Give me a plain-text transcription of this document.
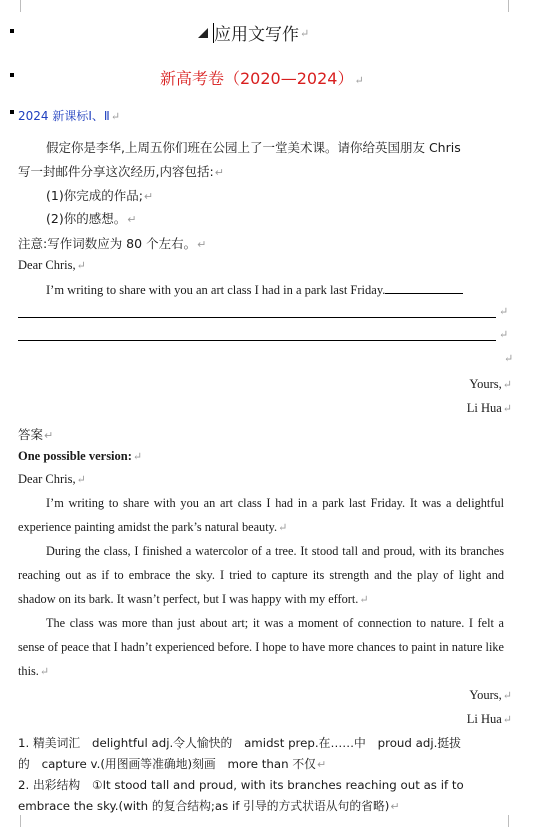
应用文写作↵
新高考卷（2020—2024）↵
2024 新课标Ⅰ、Ⅱ↵
假定你是李华,上周五你们班在公园上了一堂美术课。请你给英国朋友 Chris
写一封邮件分享这次经历,内容包括:↵
(1)你完成的作品;↵
(2)你的感想。↵
注意:写作词数应为 80 个左右。↵
Dear Chris,↵
I’m writing to share with you an art class I had in a park last Friday.
↵
↵
↵
Yours,↵
Li Hua↵
答案↵
One possible version:↵
Dear Chris,↵
I’m writing to share with you an art class I had in a park last Friday. It was a delightful experience painting amidst the park’s natural beauty.↵
During the class, I finished a watercolor of a tree. It stood tall and proud, with its branches reaching out as if to embrace the sky. I tried to capture its strength and the play of light and shadow on its bark. It wasn’t perfect, but I was happy with my effort.↵
The class was more than just about art; it was a moment of connection to nature. I felt a sense of peace that I hadn’t experienced before. I hope to have more chances to paint in nature like this.↵
Yours,↵
Li Hua↵
1. 精美词汇　delightful adj.令人愉快的　amidst prep.在……中　proud adj.挺拔
的　capture v.(用图画等准确地)刻画　more than 不仅↵
2. 出彩结构　①It stood tall and proud, with its branches reaching out as if to
embrace the sky.(with 的复合结构;as if 引导的方式状语从句的省略)↵
